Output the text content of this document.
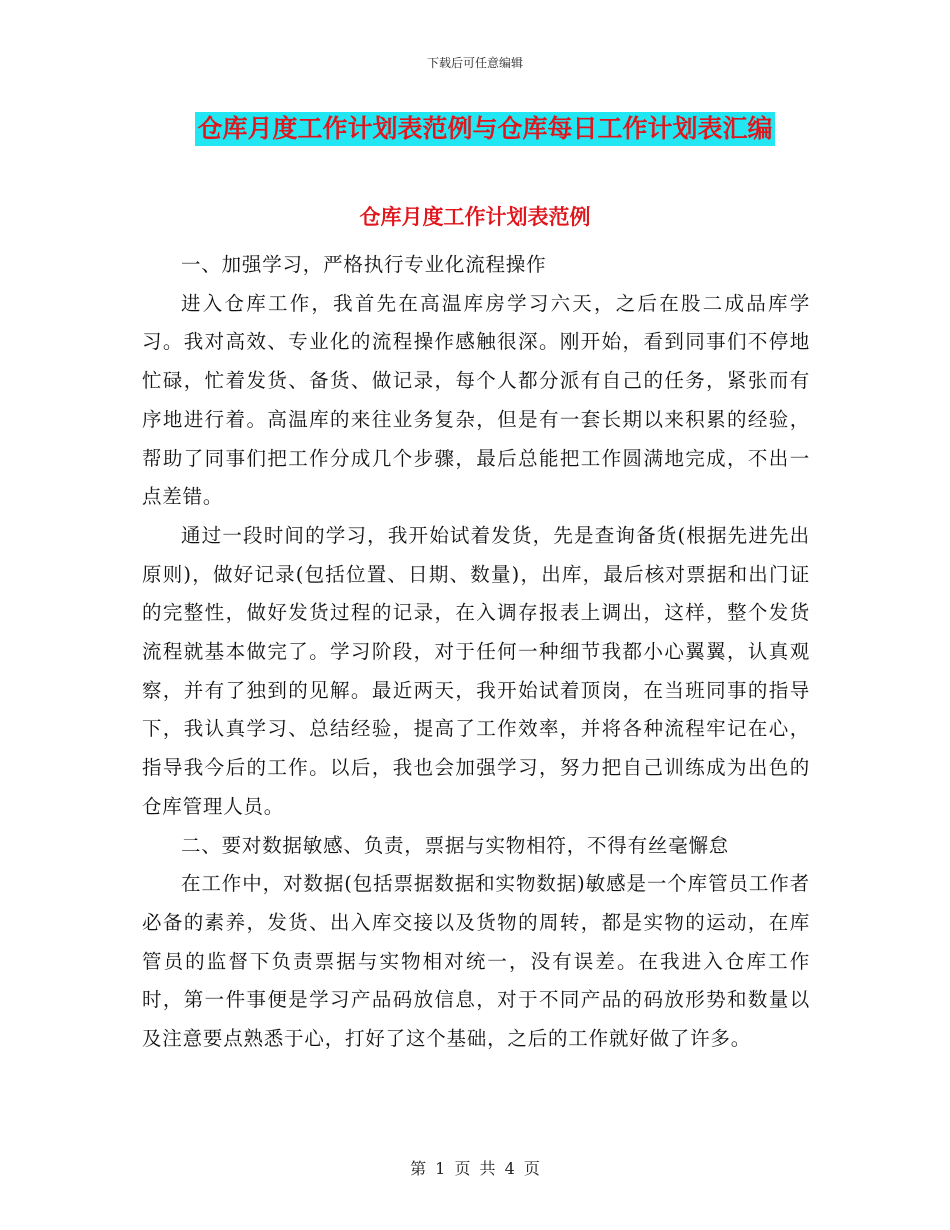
下载后可任意编辑
仓库月度工作计划表范例与仓库每日工作计划表汇编
仓库月度工作计划表范例

一、加强学习，严格执行专业化流程操作

进入仓库工作，我首先在高温库房学习六天，之后在股二成品库学习。我对高效、专业化的流程操作感触很深。刚开始，看到同事们不停地忙碌，忙着发货、备货、做记录，每个人都分派有自己的任务，紧张而有序地进行着。高温库的来往业务复杂，但是有一套长期以来积累的经验，帮助了同事们把工作分成几个步骤，最后总能把工作圆满地完成，不出一点差错。

通过一段时间的学习，我开始试着发货，先是查询备货(根据先进先出原则)，做好记录(包括位置、日期、数量)，出库，最后核对票据和出门证的完整性，做好发货过程的记录，在入调存报表上调出，这样，整个发货流程就基本做完了。学习阶段，对于任何一种细节我都小心翼翼，认真观察，并有了独到的见解。最近两天，我开始试着顶岗，在当班同事的指导下，我认真学习、总结经验，提高了工作效率，并将各种流程牢记在心，指导我今后的工作。以后，我也会加强学习，努力把自己训练成为出色的仓库管理人员。

二、要对数据敏感、负责，票据与实物相符，不得有丝毫懈怠

在工作中，对数据(包括票据数据和实物数据)敏感是一个库管员工作者必备的素养，发货、出入库交接以及货物的周转，都是实物的运动，在库管员的监督下负责票据与实物相对统一，没有误差。在我进入仓库工作时，第一件事便是学习产品码放信息，对于不同产品的码放形势和数量以及注意要点熟悉于心，打好了这个基础，之后的工作就好做了许多。

第 1 页 共 4 页
